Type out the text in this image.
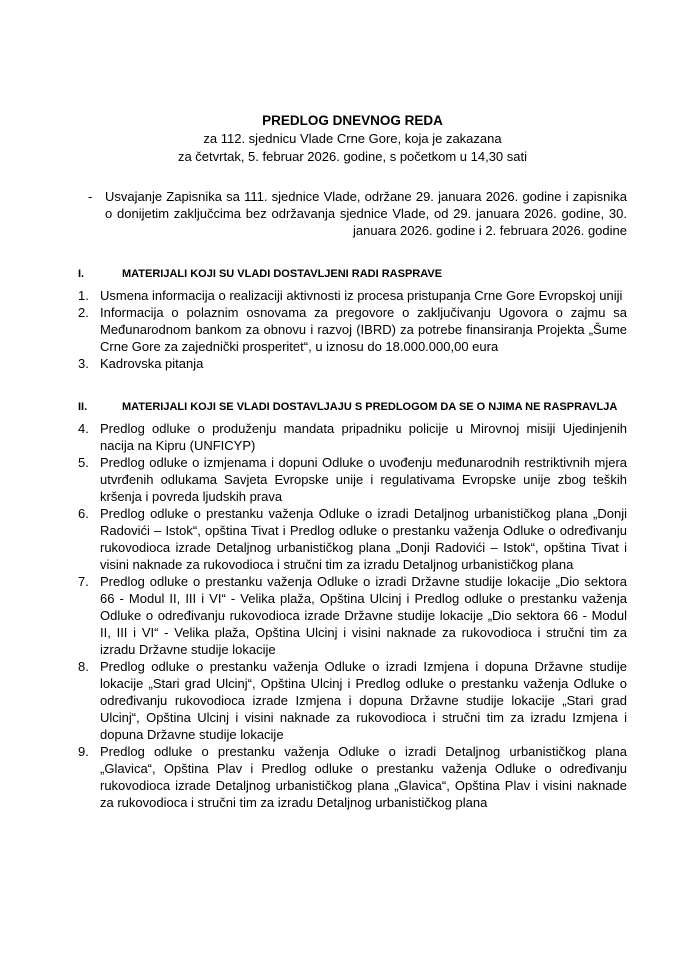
PREDLOG DNEVNOG REDA
za 112. sjednicu Vlade Crne Gore, koja je zakazana
za četvrtak, 5. februar 2026. godine, s početkom u 14,30 sati
- Usvajanje Zapisnika sa 111. sjednice Vlade, održane 29. januara 2026. godine i zapisnika o donijetim zaključcima bez održavanja sjednice Vlade, od 29. januara 2026. godine, 30. januara 2026. godine i 2. februara 2026. godine
I.	MATERIJALI KOJI SU VLADI DOSTAVLJENI RADI RASPRAVE
1. Usmena informacija o realizaciji aktivnosti iz procesa pristupanja Crne Gore Evropskoj uniji
2. Informacija o polaznim osnovama za pregovore o zaključivanju Ugovora o zajmu sa Međunarodnom bankom za obnovu i razvoj (IBRD) za potrebe finansiranja Projekta „Šume Crne Gore za zajednički prosperitet“, u iznosu do 18.000.000,00 eura
3. Kadrovska pitanja
II.	MATERIJALI KOJI SE VLADI DOSTAVLJAJU S PREDLOGOM DA SE O NJIMA NE RASPRAVLJA
4. Predlog odluke o produženju mandata pripadniku policije u Mirovnoj misiji Ujedinjenih nacija na Kipru (UNFICYP)
5. Predlog odluke o izmjenama i dopuni Odluke o uvođenju međunarodnih restriktivnih mjera utvrđenih odlukama Savjeta Evropske unije i regulativama Evropske unije zbog teških kršenja i povreda ljudskih prava
6. Predlog odluke o prestanku važenja Odluke o izradi Detaljnog urbanističkog plana „Donji Radovići – Istok“, opština Tivat i Predlog odluke o prestanku važenja Odluke o određivanju rukovodioca izrade Detaljnog urbanističkog plana „Donji Radovići – Istok“, opština Tivat i visini naknade za rukovodioca i stručni tim za izradu Detaljnog urbanističkog plana
7. Predlog odluke o prestanku važenja Odluke o izradi Državne studije lokacije „Dio sektora 66 - Modul II, III i VI“ - Velika plaža, Opština Ulcinj i Predlog odluke o prestanku važenja Odluke o određivanju rukovodioca izrade Državne studije lokacije „Dio sektora 66 - Modul II, III i VI“ - Velika plaža, Opština Ulcinj i visini naknade za rukovodioca i stručni tim za izradu Državne studije lokacije
8. Predlog odluke o prestanku važenja Odluke o izradi Izmjena i dopuna Državne studije lokacije „Stari grad Ulcinj“, Opština Ulcinj i Predlog odluke o prestanku važenja Odluke o određivanju rukovodioca izrade Izmjena i dopuna Državne studije lokacije „Stari grad Ulcinj“, Opština Ulcinj i visini naknade za rukovodioca i stručni tim za izradu Izmjena i dopuna Državne studije lokacije
9. Predlog odluke o prestanku važenja Odluke o izradi Detaljnog urbanističkog plana „Glavica“, Opština Plav i Predlog odluke o prestanku važenja Odluke o određivanju rukovodioca izrade Detaljnog urbanističkog plana „Glavica“, Opština Plav i visini naknade za rukovodioca i stručni tim za izradu Detaljnog urbanističkog plana
